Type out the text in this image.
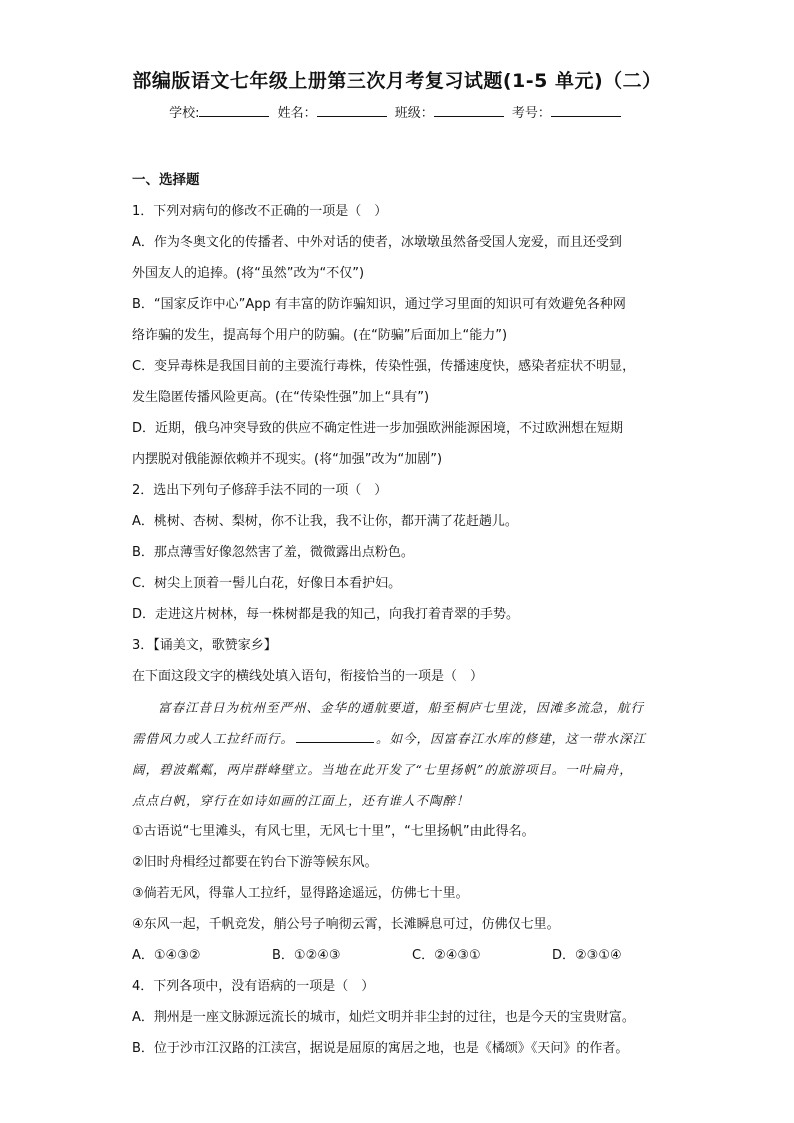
部编版语文七年级上册第三次月考复习试题(1-5 单元)（二）
学校:	姓名：	班级：	考号：
一、选择题
1．下列对病句的修改不正确的一项是（　）
A．作为冬奥文化的传播者、中外对话的使者，冰墩墩虽然备受国人宠爱，而且还受到
外国友人的追捧。(将“虽然”改为“不仅”)
B．“国家反诈中心”App 有丰富的防诈骗知识，通过学习里面的知识可有效避免各种网
络诈骗的发生，提高每个用户的防骗。(在“防骗”后面加上“能力”)
C．变异毒株是我国目前的主要流行毒株，传染性强，传播速度快，感染者症状不明显，
发生隐匿传播风险更高。(在“传染性强”加上“具有”)
D．近期，俄乌冲突导致的供应不确定性进一步加强欧洲能源困境，不过欧洲想在短期
内摆脱对俄能源依赖并不现实。(将“加强”改为“加剧”)
2．选出下列句子修辞手法不同的一项（　）
A．桃树、杏树、梨树，你不让我，我不让你，都开满了花赶趟儿。
B．那点薄雪好像忽然害了羞，微微露出点粉色。
C．树尖上顶着一髻儿白花，好像日本看护妇。
D．走进这片树林，每一株树都是我的知己，向我打着青翠的手势。
3．【诵美文，歌赞家乡】
在下面这段文字的横线处填入语句，衔接恰当的一项是（　）
富春江昔日为杭州至严州、金华的通航要道，船至桐庐七里泷，因滩多流急，航行
需借风力或人工拉纤而行。	。如今，因富春江水库的修建，这一带水深江
阔，碧波粼粼，两岸群峰壁立。当地在此开发了“七里扬帆”的旅游项目。一叶扁舟，
点点白帆，穿行在如诗如画的江面上，还有谁人不陶醉！
①古语说“七里滩头，有风七里，无风七十里”，“七里扬帆”由此得名。
②旧时舟楫经过都要在钓台下游等候东风。
③倘若无风，得靠人工拉纤，显得路途遥远，仿佛七十里。
④东风一起，千帆竞发，艄公号子响彻云霄，长滩瞬息可过，仿佛仅七里。
A．①④③②	B．①②④③	C．②④③①	D．②③①④
4．下列各项中，没有语病的一项是（　）
A．荆州是一座文脉源远流长的城市，灿烂文明并非尘封的过往，也是今天的宝贵财富。
B．位于沙市江汉路的江渎宫，据说是屈原的寓居之地，也是《橘颂》《天问》的作者。
